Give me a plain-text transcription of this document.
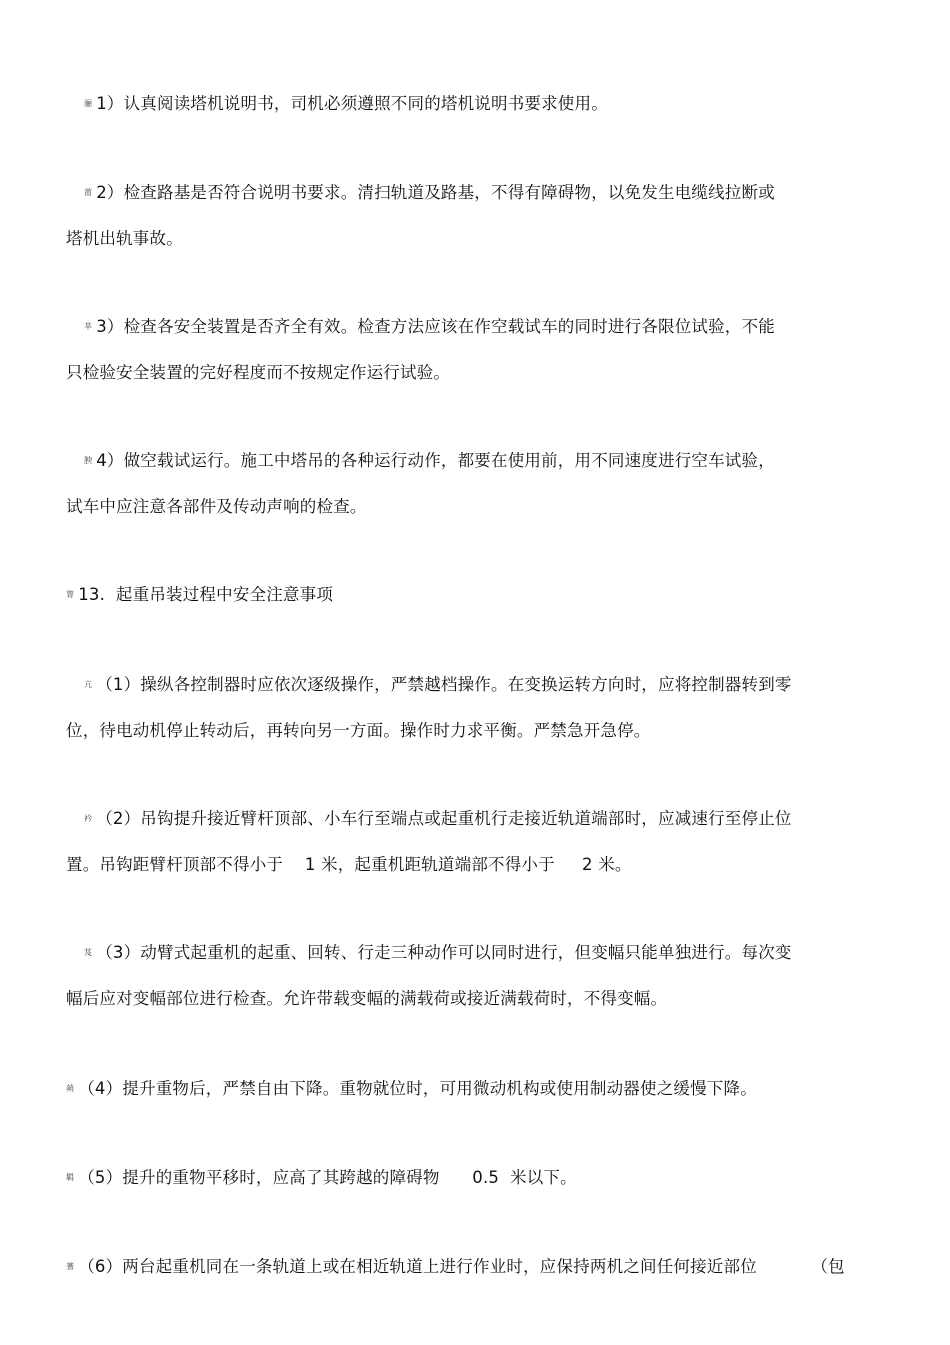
骊 1）认真阅读塔机说明书，司机必须遵照不同的塔机说明书要求使用。
莆 2）检查路基是否符合说明书要求。清扫轨道及路基，不得有障碍物，以免发生电缆线拉断或
塔机出轨事故。
芈 3）检查各安全装置是否齐全有效。检查方法应该在作空载试车的同时进行各限位试验，不能
只检验安全装置的完好程度而不按规定作运行试验。
腴 4）做空载试运行。施工中塔吊的各种运行动作，都要在使用前，用不同速度进行空车试验，
试车中应注意各部件及传动声响的检查。
膂 13.  起重吊装过程中安全注意事项
亢 （1）操纵各控制器时应依次逐级操作，严禁越档操作。在变换运转方向时，应将控制器转到零
位，待电动机停止转动后，再转向另一方面。操作时力求平衡。严禁急开急停。
衿 （2）吊钩提升接近臂杆顶部、小车行至端点或起重机行走接近轨道端部时，应减速行至停止位
置。吊钩距臂杆顶部不得小于    1 米，起重机距轨道端部不得小于     2 米。
芨 （3）动臂式起重机的起重、回转、行走三种动作可以同时进行，但变幅只能单独进行。每次变
幅后应对变幅部位进行检查。允许带载变幅的满载荷或接近满载荷时，不得变幅。
蒴 （4）提升重物后，严禁自由下降。重物就位时，可用微动机构或使用制动器使之缓慢下降。
羁 （5）提升的重物平移时，应高了其跨越的障碍物      0.5  米以下。
蓍 （6）两台起重机同在一条轨道上或在相近轨道上进行作业时，应保持两机之间任何接近部位          （包
